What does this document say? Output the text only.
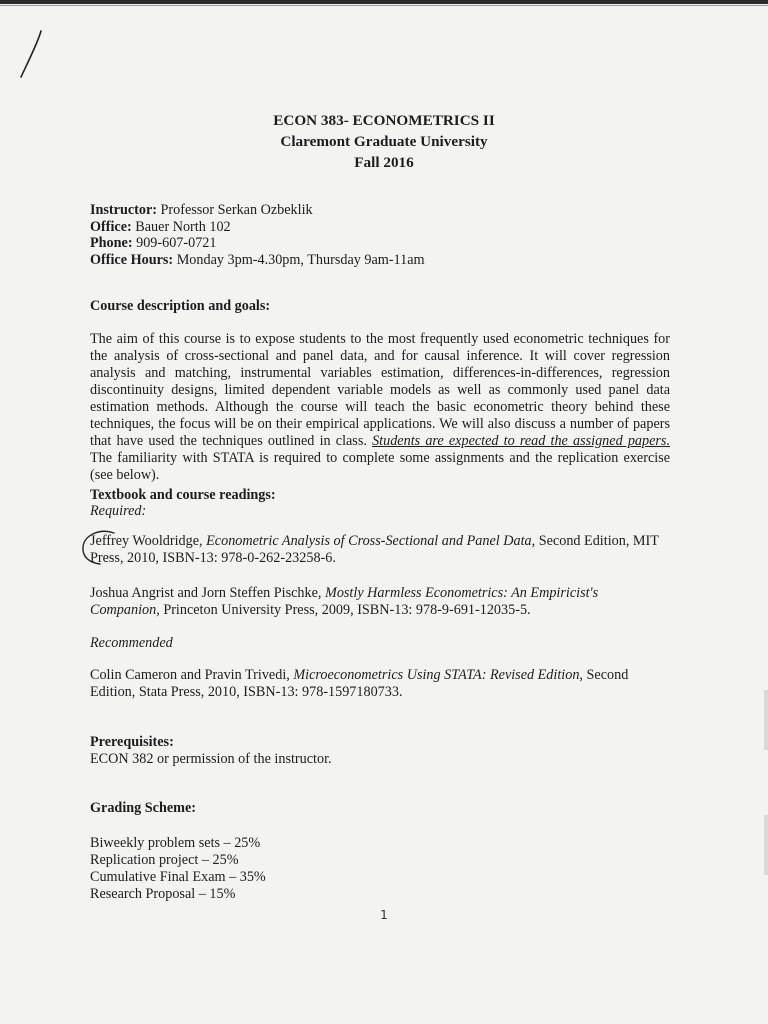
ECON 383- ECONOMETRICS II
Claremont Graduate University
Fall 2016
Instructor: Professor Serkan Ozbeklik
Office: Bauer North 102
Phone: 909-607-0721
Office Hours: Monday 3pm-4.30pm, Thursday 9am-11am
Course description and goals:
The aim of this course is to expose students to the most frequently used econometric techniques for the analysis of cross-sectional and panel data, and for causal inference. It will cover regression analysis and matching, instrumental variables estimation, differences-in-differences, regression discontinuity designs, limited dependent variable models as well as commonly used panel data estimation methods. Although the course will teach the basic econometric theory behind these techniques, the focus will be on their empirical applications. We will also discuss a number of papers that have used the techniques outlined in class. Students are expected to read the assigned papers. The familiarity with STATA is required to complete some assignments and the replication exercise (see below).
Textbook and course readings:
Required:
Jeffrey Wooldridge, Econometric Analysis of Cross-Sectional and Panel Data, Second Edition, MIT Press, 2010, ISBN-13: 978-0-262-23258-6.
Joshua Angrist and Jorn Steffen Pischke, Mostly Harmless Econometrics: An Empiricist's Companion, Princeton University Press, 2009, ISBN-13: 978-9-691-12035-5.
Recommended
Colin Cameron and Pravin Trivedi, Microeconometrics Using STATA: Revised Edition, Second Edition, Stata Press, 2010, ISBN-13: 978-1597180733.
Prerequisites:
ECON 382 or permission of the instructor.
Grading Scheme:
Biweekly problem sets – 25%
Replication project – 25%
Cumulative Final Exam – 35%
Research Proposal – 15%
1
